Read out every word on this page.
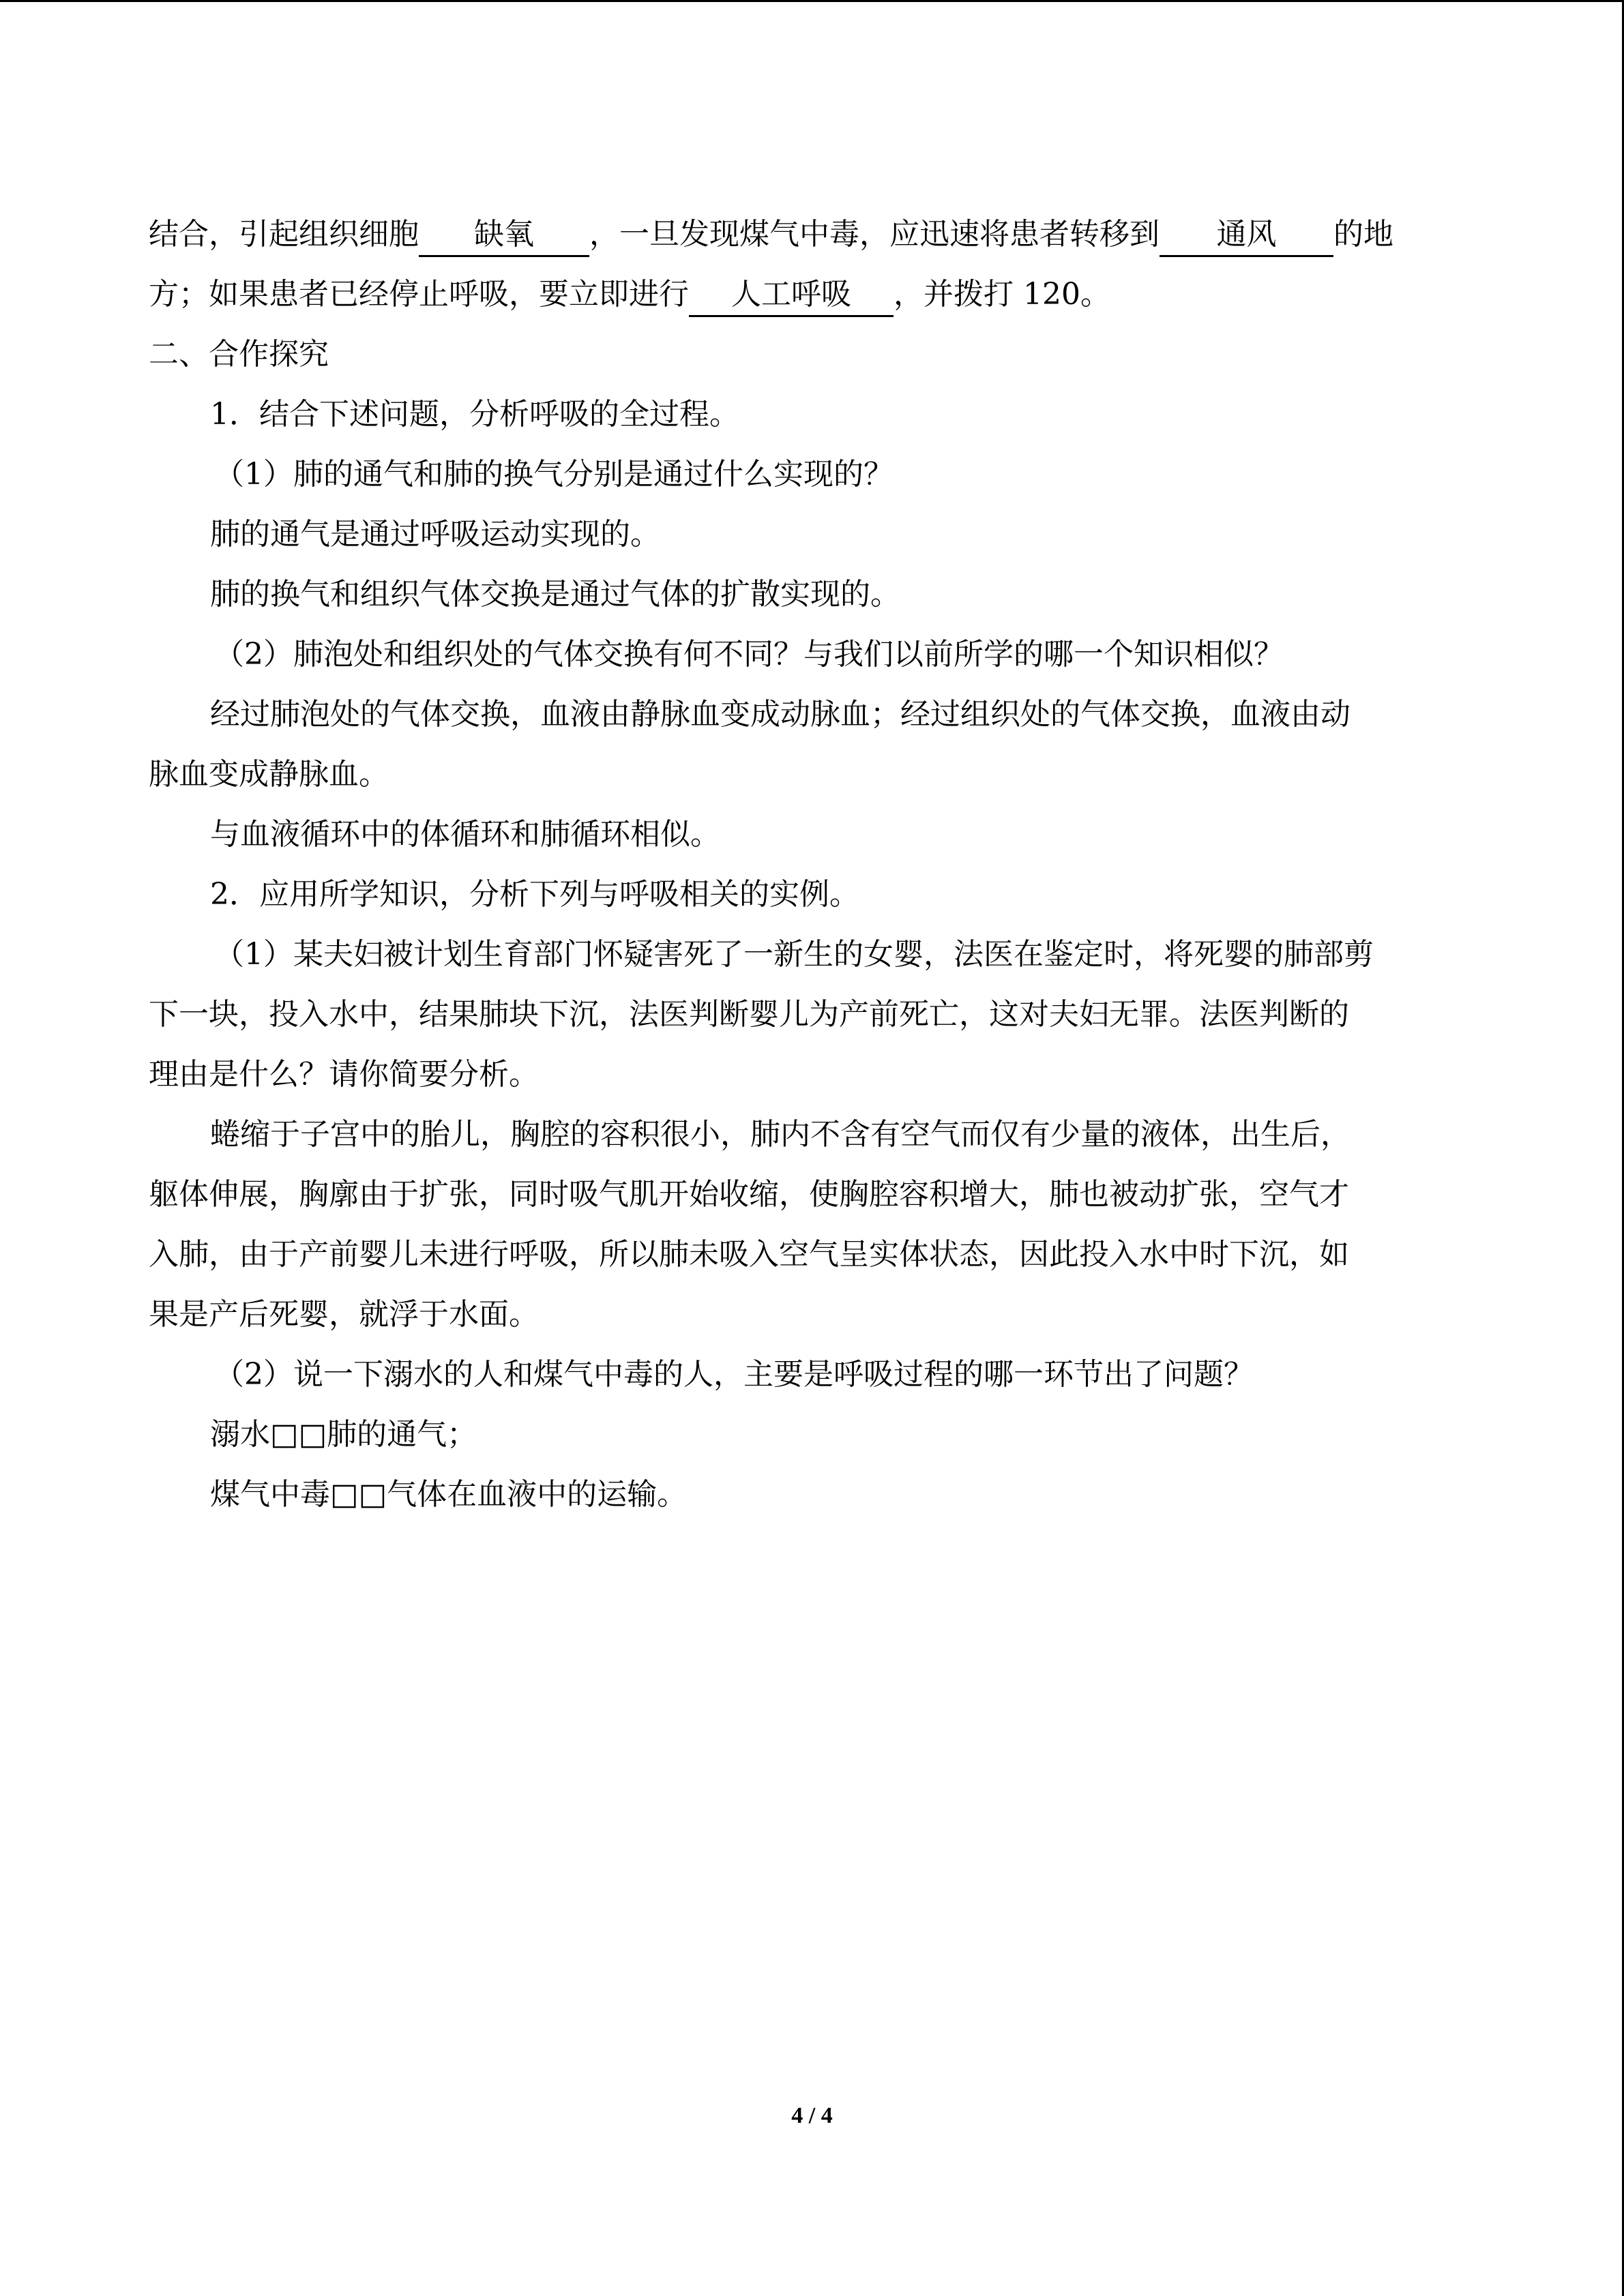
结合，引起组织细胞 缺氧 ，一旦发现煤气中毒，应迅速将患者转移到 通风 的地
方；如果患者已经停止呼吸，要立即进行 人工呼吸 ，并拨打 120。
二、合作探究
1．结合下述问题，分析呼吸的全过程。
（1）肺的通气和肺的换气分别是通过什么实现的？
肺的通气是通过呼吸运动实现的。
肺的换气和组织气体交换是通过气体的扩散实现的。
（2）肺泡处和组织处的气体交换有何不同？与我们以前所学的哪一个知识相似？
经过肺泡处的气体交换，血液由静脉血变成动脉血；经过组织处的气体交换，血液由动
脉血变成静脉血。
与血液循环中的体循环和肺循环相似。
2．应用所学知识，分析下列与呼吸相关的实例。
（1）某夫妇被计划生育部门怀疑害死了一新生的女婴，法医在鉴定时，将死婴的肺部剪
下一块，投入水中，结果肺块下沉，法医判断婴儿为产前死亡，这对夫妇无罪。法医判断的
理由是什么？请你简要分析。
蜷缩于子宫中的胎儿，胸腔的容积很小，肺内不含有空气而仅有少量的液体，出生后，
躯体伸展，胸廓由于扩张，同时吸气肌开始收缩，使胸腔容积增大，肺也被动扩张，空气才
入肺，由于产前婴儿未进行呼吸，所以肺未吸入空气呈实体状态，因此投入水中时下沉，如
果是产后死婴，就浮于水面。
（2）说一下溺水的人和煤气中毒的人，主要是呼吸过程的哪一环节出了问题？
溺水□□肺的通气；
煤气中毒□□气体在血液中的运输。
4 / 4
